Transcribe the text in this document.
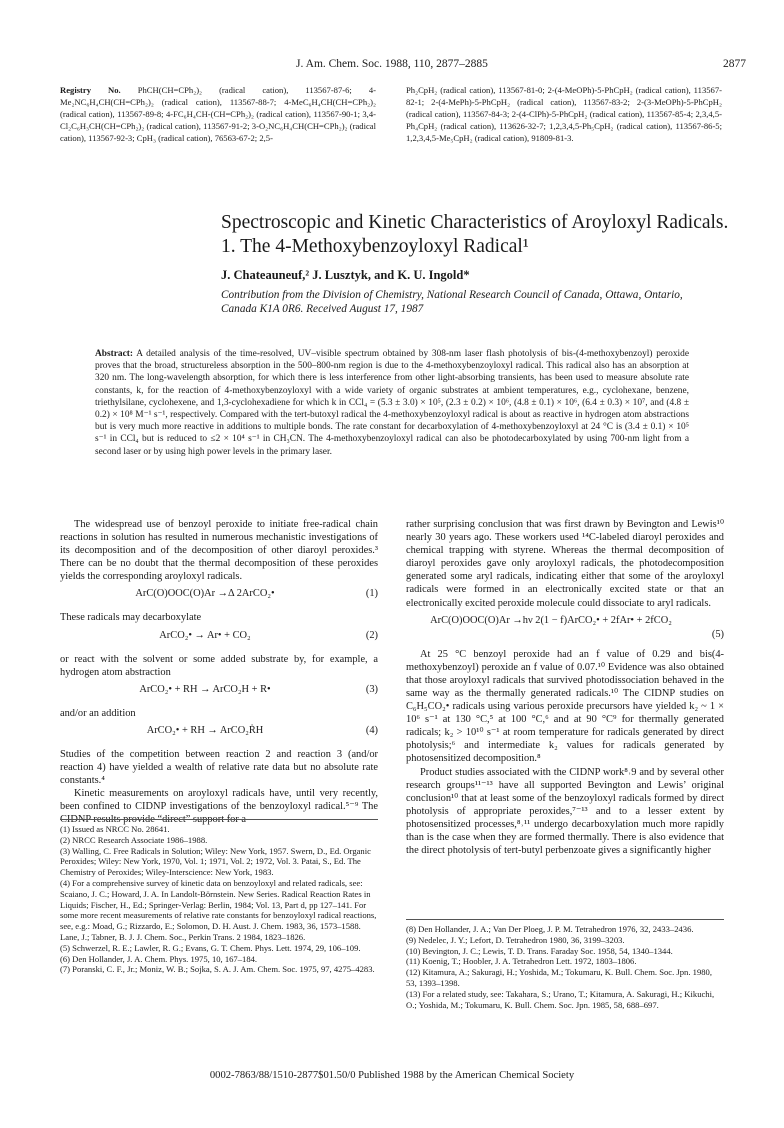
J. Am. Chem. Soc. 1988, 110, 2877–2885	2877
Registry No. PhCH(CH=CPh₂)₂ (radical cation), 113567-87-6; 4-Me₂NC₆H₄CH(CH=CPh₂)₂ (radical cation), 113567-88-7; 4-MeC₆H₄CH(CH=CPh₂)₂ (radical cation), 113567-89-8; 4-FC₆H₄CH-(CH=CPh₂)₂ (radical cation), 113567-90-1; 3,4-Cl₂C₆H₃CH(CH=CPh₂)₂ (radical cation), 113567-91-2; 3-O₂NC₆H₄CH(CH=CPh₂)₂ (radical cation), 113567-92-3; CpH₃ (radical cation), 76563-67-2; 2,5-
Ph₂CpH₂ (radical cation), 113567-81-0; 2-(4-MeOPh)-5-PhCpH₂ (radical cation), 113567-82-1; 2-(4-MePh)-5-PhCpH₂ (radical cation), 113567-83-2; 2-(3-MeOPh)-5-PhCpH₂ (radical cation), 113567-84-3; 2-(4-ClPh)-5-PhCpH₂ (radical cation), 113567-85-4; 2,3,4,5-Ph₄CpH₂ (radical cation), 113626-32-7; 1,2,3,4,5-Ph₅CpH₂ (radical cation), 113567-86-5; 1,2,3,4,5-Me₅CpH₂ (radical cation), 91809-81-3.
Spectroscopic and Kinetic Characteristics of Aroyloxyl Radicals. 1. The 4-Methoxybenzoyloxyl Radical¹
J. Chateauneuf,² J. Lusztyk, and K. U. Ingold*
Contribution from the Division of Chemistry, National Research Council of Canada, Ottawa, Ontario, Canada K1A 0R6. Received August 17, 1987
Abstract: A detailed analysis of the time-resolved, UV–visible spectrum obtained by 308-nm laser flash photolysis of bis-(4-methoxybenzoyl) peroxide proves that the broad, structureless absorption in the 500–800-nm region is due to the 4-methoxybenzoyloxyl radical. This radical also has an absorption at 320 nm. The long-wavelength absorption, for which there is less interference from other light-absorbing transients, has been used to measure absolute rate constants, k, for the reaction of 4-methoxybenzoyloxyl with a wide variety of organic substrates at ambient temperatures, e.g., cyclohexane, benzene, triethylsilane, cyclohexene, and 1,3-cyclohexadiene for which k in CCl₄ = (5.3 ± 3.0) × 10⁵, (2.3 ± 0.2) × 10⁶, (4.8 ± 0.1) × 10⁶, (6.4 ± 0.3) × 10⁷, and (4.8 ± 0.2) × 10⁸ M⁻¹ s⁻¹, respectively. Compared with the tert-butoxyl radical the 4-methoxybenzoyloxyl radical is about as reactive in hydrogen atom abstractions but is very much more reactive in additions to multiple bonds. The rate constant for decarboxylation of 4-methoxybenzoyloxyl at 24 °C is (3.4 ± 0.1) × 10⁵ s⁻¹ in CCl₄ but is reduced to ≤2 × 10⁴ s⁻¹ in CH₃CN. The 4-methoxybenzoyloxyl radical can also be photodecarboxylated by using 700-nm light from a second laser or by using high power levels in the primary laser.

The widespread use of benzoyl peroxide to initiate free-radical chain reactions in solution has resulted in numerous mechanistic investigations of its decomposition and of the decomposition of other diaroyl peroxides.³ There can be no doubt that the thermal decomposition of these peroxides yields the corresponding aroyloxyl radicals.

ArC(O)OOC(O)Ar →Δ 2ArCO₂•	(1)

These radicals may decarboxylate

ArCO₂• → Ar• + CO₂	(2)

or react with the solvent or some added substrate by, for example, a hydrogen atom abstraction

ArCO₂• + RH → ArCO₂H + R•	(3)

and/or an addition

ArCO₂• + RH → ArCO₂ṘH	(4)

Studies of the competition between reaction 2 and reaction 3 (and/or reaction 4) have yielded a wealth of relative rate data but no absolute rate constants.⁴

Kinetic measurements on aroyloxyl radicals have, until very recently, been confined to CIDNP investigations of the benzoyloxyl radical.⁵⁻⁹ The CIDNP results provide “direct” support for a

rather surprising conclusion that was first drawn by Bevington and Lewis¹⁰ nearly 30 years ago. These workers used ¹⁴C-labeled diaroyl peroxides and chemical trapping with styrene. Whereas the thermal decomposition of diaroyl peroxides gave only aroyloxyl radicals, the photodecomposition generated some aryl radicals, indicating either that some of the aroyloxyl radicals were formed in an electronically excited state or that an electronically excited peroxide molecule could dissociate to aryl radicals.

ArC(O)OOC(O)Ar →hν 2(1 − f)ArCO₂• + 2fAr• + 2fCO₂
(5)

At 25 °C benzoyl peroxide had an f value of 0.29 and bis(4-methoxybenzoyl) peroxide an f value of 0.07.¹⁰ Evidence was also obtained that those aroyloxyl radicals that survived photodissociation behaved in the same way as the thermally generated radicals.¹⁰ The CIDNP studies on C₆H₅CO₂• radicals using various peroxide precursors have yielded k₂ ~ 1 × 10⁶ s⁻¹ at 130 °C,⁵ at 100 °C,⁶ and at 90 °C⁹ for thermally generated radicals; k₂ > 10¹⁰ s⁻¹ at room temperature for radicals generated by direct photolysis;⁶ and intermediate k₂ values for radicals generated by photosensitized decomposition.⁸

Product studies associated with the CIDNP work⁸˒9 and by several other research groups¹¹⁻¹³ have all supported Bevington and Lewis’ original conclusion¹⁰ that at least some of the benzoyloxyl radicals formed by direct photolysis of appropriate peroxides,⁷⁻¹³ and to a lesser extent by photosensitized processes,⁸˒¹¹ undergo decarboxylation much more rapidly than is the case when they are formed thermally. There is also evidence that the direct photolysis of tert-butyl perbenzoate gives a significantly higher

(1) Issued as NRCC No. 28641.
(2) NRCC Research Associate 1986–1988.
(3) Walling, C. Free Radicals in Solution; Wiley: New York, 1957. Swern, D., Ed. Organic Peroxides; Wiley: New York, 1970, Vol. 1; 1971, Vol. 2; 1972, Vol. 3. Patai, S., Ed. The Chemistry of Peroxides; Wiley-Interscience: New York, 1983.
(4) For a comprehensive survey of kinetic data on benzoyloxyl and related radicals, see: Scaiano, J. C.; Howard, J. A. In Landolt-Börnstein. New Series. Radical Reaction Rates in Liquids; Fischer, H., Ed.; Springer-Verlag: Berlin, 1984; Vol. 13, Part d, pp 127–141. For some more recent measurements of relative rate constants for benzoyloxyl radical reactions, see, e.g.: Moad, G.; Rizzardo, E.; Solomon, D. H. Aust. J. Chem. 1983, 36, 1573–1588. Lane, J.; Tabner, B. J. J. Chem. Soc., Perkin Trans. 2 1984, 1823–1826.
(5) Schwerzel, R. E.; Lawler, R. G.; Evans, G. T. Chem. Phys. Lett. 1974, 29, 106–109.
(6) Den Hollander, J. A. Chem. Phys. 1975, 10, 167–184.
(7) Poranski, C. F., Jr.; Moniz, W. B.; Sojka, S. A. J. Am. Chem. Soc. 1975, 97, 4275–4283.
(8) Den Hollander, J. A.; Van Der Ploeg, J. P. M. Tetrahedron 1976, 32, 2433–2436.
(9) Nedelec, J. Y.; Lefort, D. Tetrahedron 1980, 36, 3199–3203.
(10) Bevington, J. C.; Lewis, T. D. Trans. Faraday Soc. 1958, 54, 1340–1344.
(11) Koenig, T.; Hoobler, J. A. Tetrahedron Lett. 1972, 1803–1806.
(12) Kitamura, A.; Sakuragi, H.; Yoshida, M.; Tokumaru, K. Bull. Chem. Soc. Jpn. 1980, 53, 1393–1398.
(13) For a related study, see: Takahara, S.; Urano, T.; Kitamura, A. Sakuragi, H.; Kikuchi, O.; Yoshida, M.; Tokumaru, K. Bull. Chem. Soc. Jpn. 1985, 58, 688–697.
0002-7863/88/1510-2877$01.50/0 Published 1988 by the American Chemical Society
